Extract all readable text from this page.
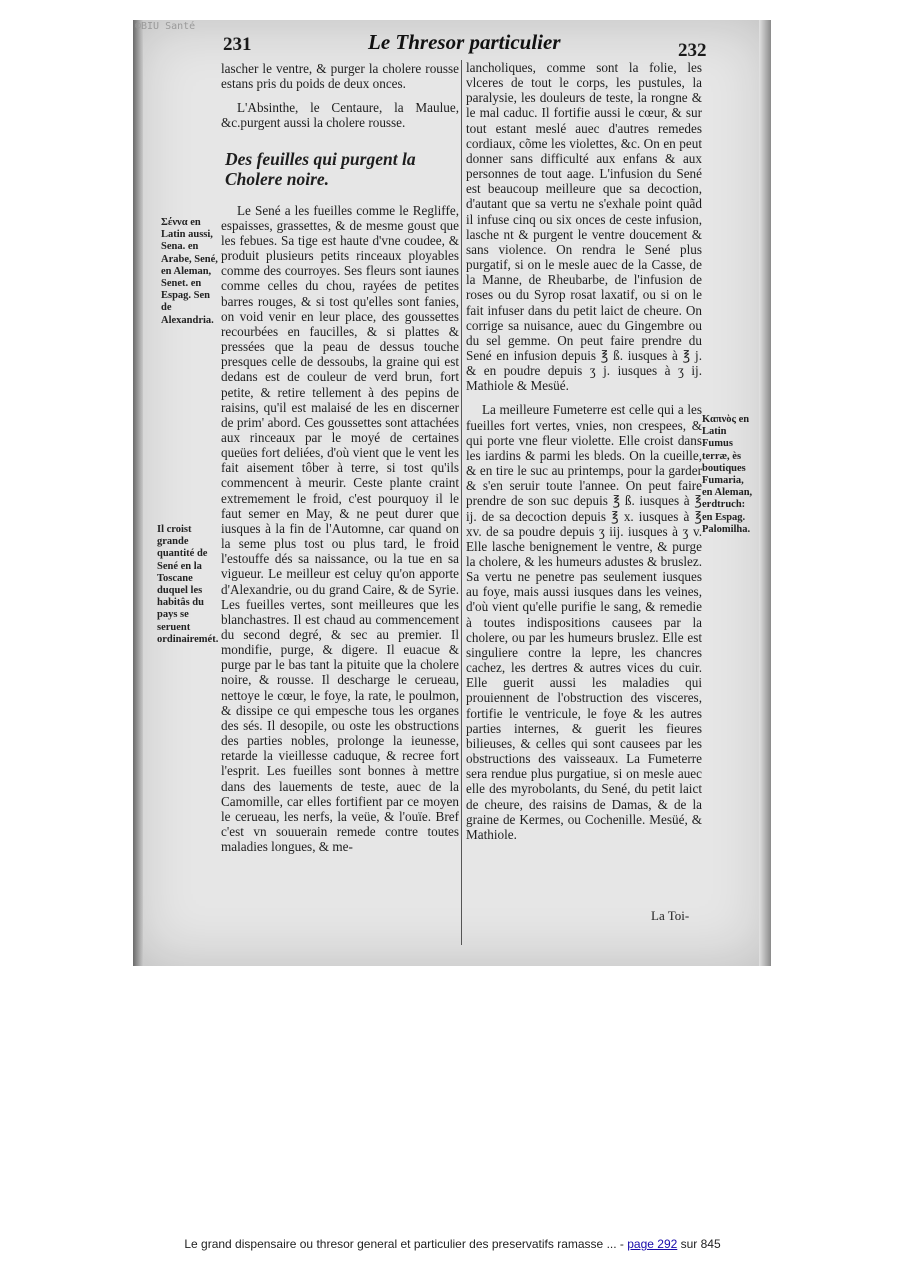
©BIU Santé
231	Le Thresor particulier	232
Σέννα en Latin aussi, Sena. en Arabe, Sené, en Aleman, Senet. en Espag. Sen de Alexandria.
Il croist grande quantité de Sené en la Toscane duquel les habitâs du pays se seruent ordinairemét.
Καπνὸς en Latin Fumus terræ, ès boutiques Fumaria, en Aleman, erdtruch: en Espag. Palomilha.

lascher le ventre, & purger la cholere rousse estans pris du poids de deux onces.

L'Absinthe, le Centaure, la Maulue, &c.purgent aussi la cholere rousse.

Des feuilles qui purgent la Cholere noire.

Le Sené a les fueilles comme le Regliffe, espaisses, grassettes, & de mesme goust que les febues. Sa tige est haute d'vne coudee, & produit plusieurs petits rinceaux ployables comme des courroyes. Ses fleurs sont iaunes comme celles du chou, rayées de petites barres rouges, & si tost qu'elles sont fanies, on void venir en leur place, des goussettes recourbées en faucilles, & si plattes & pressées que la peau de dessus touche presques celle de dessoubs, la graine qui est dedans est de couleur de verd brun, fort petite, & retire tellement à des pepins de raisins, qu'il est malaisé de les en discerner de prim' abord. Ces goussettes sont attachées aux rinceaux par le moyé de certaines queües fort deliées, d'où vient que le vent les fait aisement tôber à terre, si tost qu'ils commencent à meurir. Ceste plante craint extremement le froid, c'est pourquoy il le faut semer en May, & ne peut durer que iusques à la fin de l'Automne, car quand on la seme plus tost ou plus tard, le froid l'estouffe dés sa naissance, ou la tue en sa vigueur. Le meilleur est celuy qu'on apporte d'Alexandrie, ou du grand Caire, & de Syrie. Les fueilles vertes, sont meilleures que les blanchastres. Il est chaud au commencement du second degré, & sec au premier. Il mondifie, purge, & digere. Il euacue & purge par le bas tant la pituite que la cholere noire, & rousse. Il descharge le cerueau, nettoye le cœur, le foye, la rate, le poulmon, & dissipe ce qui empesche tous les organes des sés. Il desopile, ou oste les obstructions des parties nobles, prolonge la ieunesse, retarde la vieillesse caduque, & recree fort l'esprit. Les fueilles sont bonnes à mettre dans des lauements de teste, auec de la Camomille, car elles fortifient par ce moyen le cerueau, les nerfs, la veüe, & l'ouïe. Bref c'est vn souuerain remede contre toutes maladies longues, & me-

lancholiques, comme sont la folie, les vlceres de tout le corps, les pustules, la paralysie, les douleurs de teste, la rongne & le mal caduc. Il fortifie aussi le cœur, & sur tout estant meslé auec d'autres remedes cordiaux, cõme les violettes, &c. On en peut donner sans difficulté aux enfans & aux personnes de tout aage. L'infusion du Sené est beaucoup meilleure que sa decoction, d'autant que sa vertu ne s'exhale point quãd il infuse cinq ou six onces de ceste infusion, lasche nt & purgent le ventre doucement & sans violence. On rendra le Sené plus purgatif, si on le mesle auec de la Casse, de la Manne, de Rheubarbe, de l'infusion de roses ou du Syrop rosat laxatif, ou si on le fait infuser dans du petit laict de cheure. On corrige sa nuisance, auec du Gingembre ou du sel gemme. On peut faire prendre du Sené en infusion depuis ℥ ß. iusques à ℥ j. & en poudre depuis ʒ j. iusques à ʒ ij. Mathiole & Mesüé.

La meilleure Fumeterre est celle qui a les fueilles fort vertes, vnies, non crespees, & qui porte vne fleur violette. Elle croist dans les iardins & parmi les bleds. On la cueille, & en tire le suc au printemps, pour la garder & s'en seruir toute l'annee. On peut faire prendre de son suc depuis ℥ ß. iusques à ℥ ij. de sa decoction depuis ℥ x. iusques à ℥ xv. de sa poudre depuis ʒ iij. iusques à ʒ v. Elle lasche benignement le ventre, & purge la cholere, & les humeurs adustes & bruslez. Sa vertu ne penetre pas seulement iusques au foye, mais aussi iusques dans les veines, d'où vient qu'elle purifie le sang, & remedie à toutes indispositions causees par la cholere, ou par les humeurs bruslez. Elle est singuliere contre la lepre, les chancres cachez, les dertres & autres vices du cuir. Elle guerit aussi les maladies qui prouiennent de l'obstruction des visceres, fortifie le ventricule, le foye & les autres parties internes, & guerit les fieures bilieuses, & celles qui sont causees par les obstructions des vaisseaux. La Fumeterre sera rendue plus purgatiue, si on mesle auec elle des myrobolants, du Sené, du petit laict de cheure, des raisins de Damas, & de la graine de Kermes, ou Cochenille. Mesüé, & Mathiole.

La Toi-
Le grand dispensaire ou thresor general et particulier des preservatifs ramasse ... - page 292 sur 845
